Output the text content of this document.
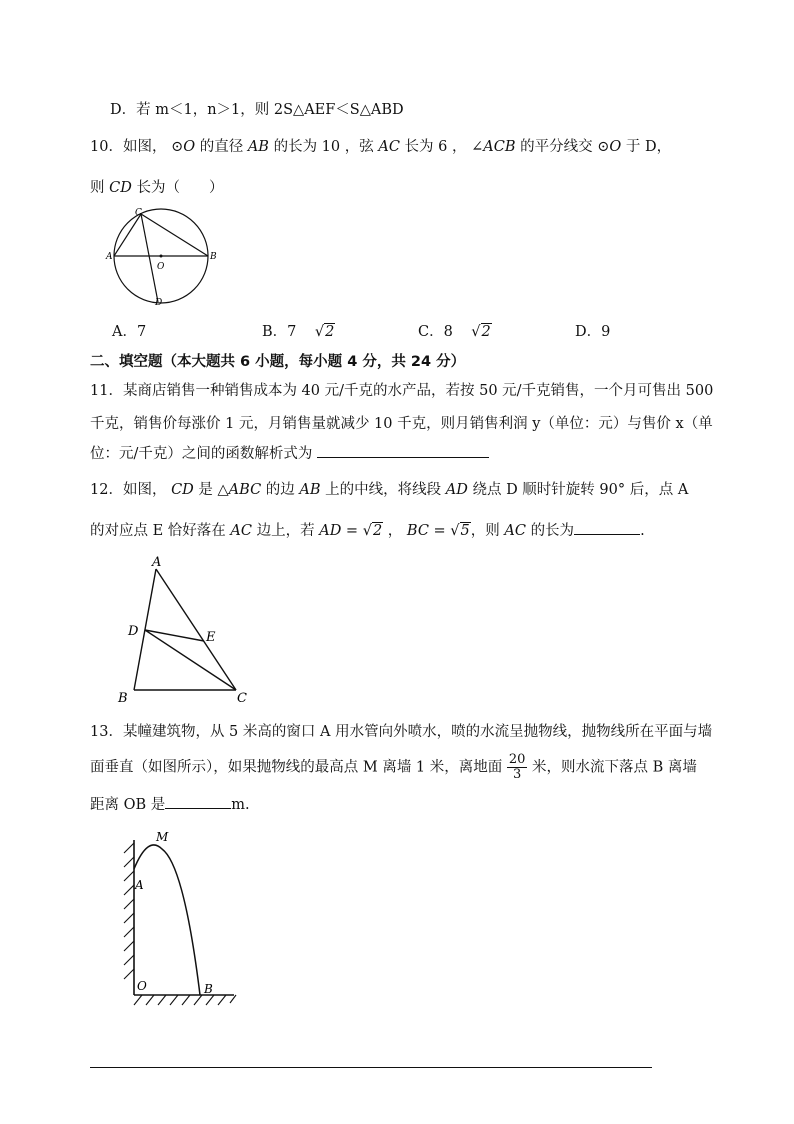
D．若 m＜1，n＞1，则 2S△AEF＜S△ABD
10．如图， ⊙O 的直径 AB 的长为 10 ，弦 AC 长为 6 ， ∠ACB 的平分线交 ⊙O 于 D，
则 CD 长为（　　）
C
A	B
O
D
A．7	B．7 √2	C．8 √2	D．9
二、填空题（本大题共 6 小题，每小题 4 分，共 24 分）
11．某商店销售一种销售成本为 40 元/千克的水产品，若按 50 元/千克销售，一个月可售出 500
千克，销售价每涨价 1 元，月销售量就减少 10 千克，则月销售利润 y（单位：元）与售价 x（单
位：元/千克）之间的函数解析式为
12．如图， CD 是 △ABC 的边 AB 上的中线，将线段 AD 绕点 D 顺时针旋转 90° 后，点 A
的对应点 E 恰好落在 AC 边上，若 AD = √2 ， BC = √5，则 AC 的长为	.
A
D	E
B	C
13．某幢建筑物，从 5 米高的窗口 A 用水管向外喷水，喷的水流呈抛物线，抛物线所在平面与墙
面垂直（如图所示），如果抛物线的最高点 M 离墙 1 米，离地面 $\frac{20}{3}$ 米，则水流下落点 B 离墙
距离 OB 是	m.
M
A
O	B
